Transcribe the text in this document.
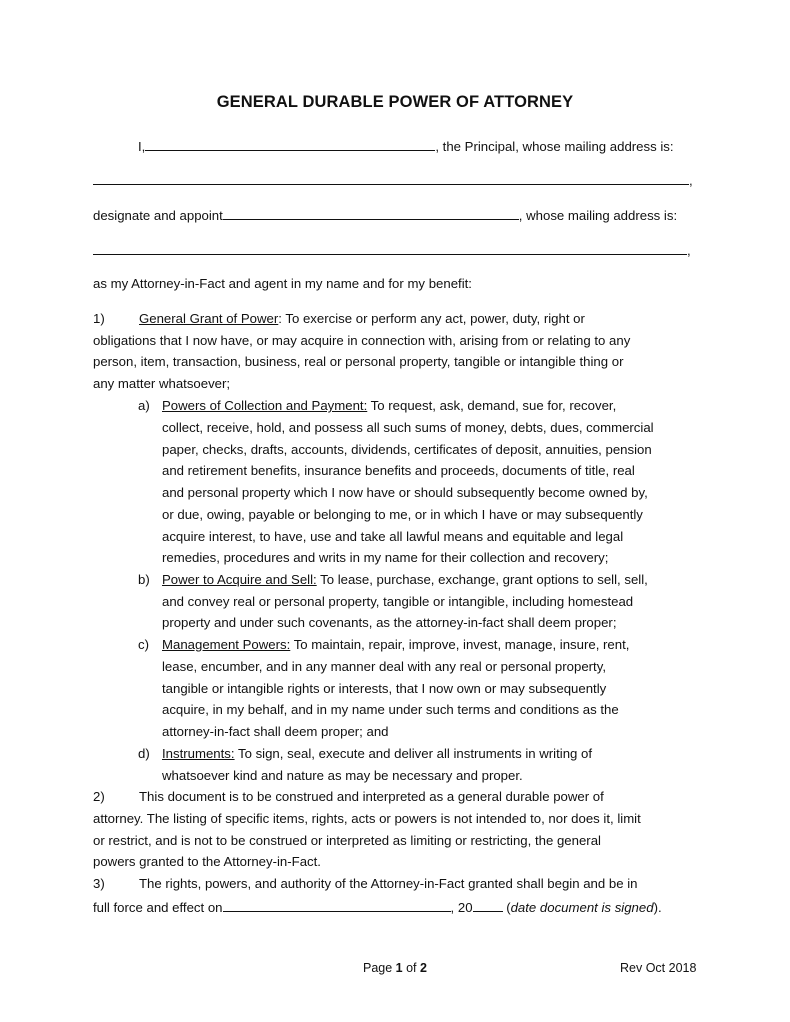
GENERAL DURABLE POWER OF ATTORNEY
I,	, the Principal, whose mailing address is:
,
designate and appoint	, whose mailing address is:
,
as my Attorney-in-Fact and agent in my name and for my benefit:
1)	General Grant of Power: To exercise or perform any act, power, duty, right or
obligations that I now have, or may acquire in connection with, arising from or relating to any
person, item, transaction, business, real or personal property, tangible or intangible thing or
any matter whatsoever;
a) Powers of Collection and Payment: To request, ask, demand, sue for, recover,
collect, receive, hold, and possess all such sums of money, debts, dues, commercial
paper, checks, drafts, accounts, dividends, certificates of deposit, annuities, pension
and retirement benefits, insurance benefits and proceeds, documents of title, real
and personal property which I now have or should subsequently become owned by,
or due, owing, payable or belonging to me, or in which I have or may subsequently
acquire interest, to have, use and take all lawful means and equitable and legal
remedies, procedures and writs in my name for their collection and recovery;
b) Power to Acquire and Sell: To lease, purchase, exchange, grant options to sell, sell,
and convey real or personal property, tangible or intangible, including homestead
property and under such covenants, as the attorney-in-fact shall deem proper;
c) Management Powers: To maintain, repair, improve, invest, manage, insure, rent,
lease, encumber, and in any manner deal with any real or personal property,
tangible or intangible rights or interests, that I now own or may subsequently
acquire, in my behalf, and in my name under such terms and conditions as the
attorney-in-fact shall deem proper; and
d) Instruments: To sign, seal, execute and deliver all instruments in writing of
whatsoever kind and nature as may be necessary and proper.
2)	This document is to be construed and interpreted as a general durable power of
attorney. The listing of specific items, rights, acts or powers is not intended to, nor does it, limit
or restrict, and is not to be construed or interpreted as limiting or restricting, the general
powers granted to the Attorney-in-Fact.
3)	The rights, powers, and authority of the Attorney-in-Fact granted shall begin and be in
full force and effect on	, 20 (date document is signed).
Page 1 of 2	Rev Oct 2018
